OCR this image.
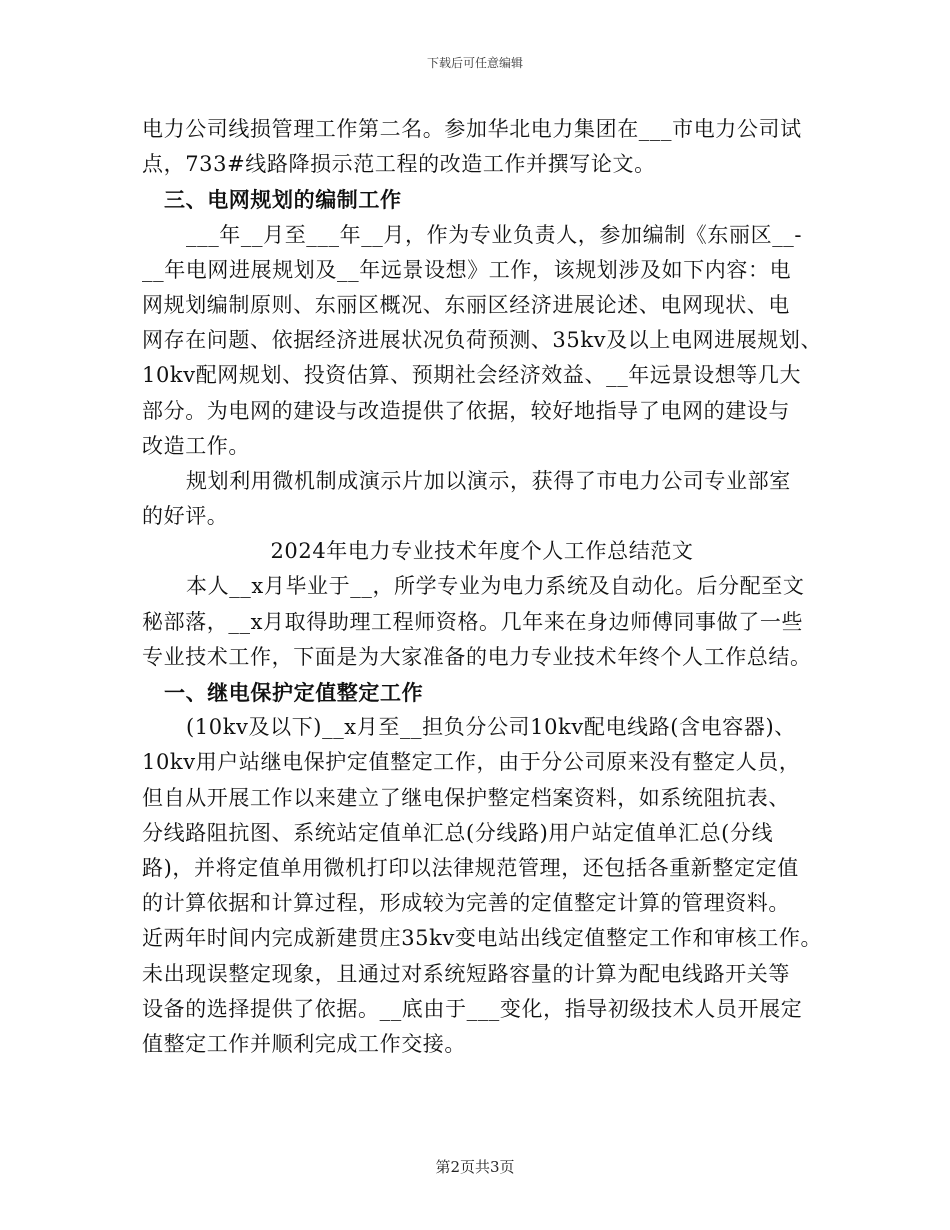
下载后可任意编辑
电力公司线损管理工作第二名。参加华北电力集团在___市电力公司试
点，733#线路降损示范工程的改造工作并撰写论文。
三、电网规划的编制工作
___年__月至___年__月，作为专业负责人，参加编制《东丽区__-
__年电网进展规划及__年远景设想》工作，该规划涉及如下内容：电
网规划编制原则、东丽区概况、东丽区经济进展论述、电网现状、电
网存在问题、依据经济进展状况负荷预测、35kv及以上电网进展规划、
10kv配网规划、投资估算、预期社会经济效益、__年远景设想等几大
部分。为电网的建设与改造提供了依据，较好地指导了电网的建设与
改造工作。
规划利用微机制成演示片加以演示，获得了市电力公司专业部室
的好评。
2024年电力专业技术年度个人工作总结范文
本人__x月毕业于__，所学专业为电力系统及自动化。后分配至文
秘部落，__x月取得助理工程师资格。几年来在身边师傅同事做了一些
专业技术工作，下面是为大家准备的电力专业技术年终个人工作总结。
一、继电保护定值整定工作
(10kv及以下)__x月至__担负分公司10kv配电线路(含电容器)、
10kv用户站继电保护定值整定工作，由于分公司原来没有整定人员，
但自从开展工作以来建立了继电保护整定档案资料，如系统阻抗表、
分线路阻抗图、系统站定值单汇总(分线路)用户站定值单汇总(分线
路)，并将定值单用微机打印以法律规范管理，还包括各重新整定定值
的计算依据和计算过程，形成较为完善的定值整定计算的管理资料。
近两年时间内完成新建贯庄35kv变电站出线定值整定工作和审核工作。
未出现误整定现象，且通过对系统短路容量的计算为配电线路开关等
设备的选择提供了依据。__底由于___变化，指导初级技术人员开展定
值整定工作并顺利完成工作交接。
第2页共3页
